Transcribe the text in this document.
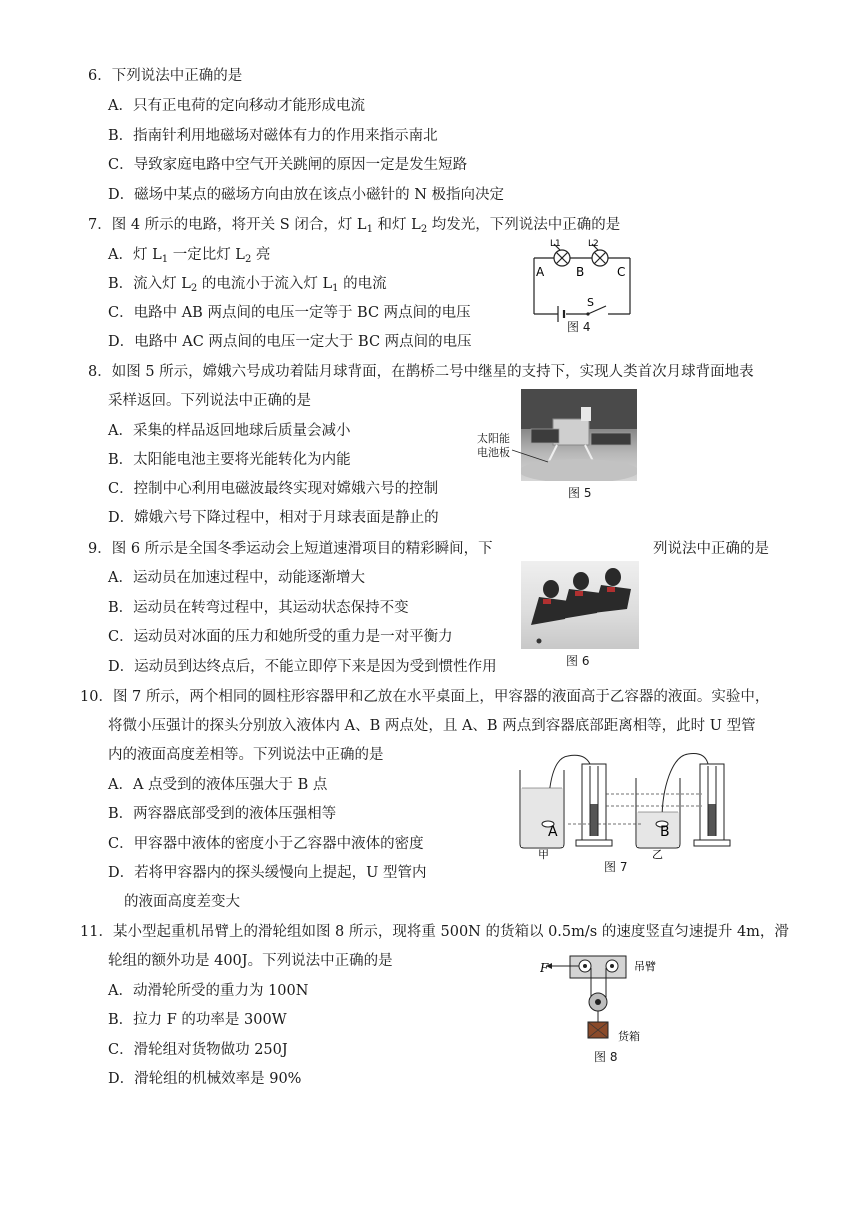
6．下列说法中正确的是
A．只有正电荷的定向移动才能形成电流
B．指南针利用地磁场对磁体有力的作用来指示南北
C．导致家庭电路中空气开关跳闸的原因一定是发生短路
D．磁场中某点的磁场方向由放在该点小磁针的 N 极指向决定
7．图 4 所示的电路，将开关 S 闭合，灯 $L_1$ 和灯 $L_2$ 均发光，下列说法中正确的是
A．灯 $L_1$ 一定比灯 $L_2$ 亮
B．流入灯 $L_2$ 的电流小于流入灯 $L_1$ 的电流
C．电路中 AB 两点间的电压一定等于 BC 两点间的电压
D．电路中 AC 两点间的电压一定大于 BC 两点间的电压
L1	L2
A	B	C
S
图 4
8．如图 5 所示，嫦娥六号成功着陆月球背面，在鹊桥二号中继星的支持下，实现人类首次月球背面地表
采样返回。下列说法中正确的是
A．采集的样品返回地球后质量会减小
B．太阳能电池主要将光能转化为内能
C．控制中心利用电磁波最终实现对嫦娥六号的控制
D．嫦娥六号下降过程中，相对于月球表面是静止的
太阳能
电池板
图 5
9．图 6 所示是全国冬季运动会上短道速滑项目的精彩瞬间，下	列说法中正确的是
A．运动员在加速过程中，动能逐渐增大
B．运动员在转弯过程中，其运动状态保持不变
C．运动员对冰面的压力和她所受的重力是一对平衡力
D．运动员到达终点后，不能立即停下来是因为受到惯性作用	图 6
10．图 7 所示，两个相同的圆柱形容器甲和乙放在水平桌面上，甲容器的液面高于乙容器的液面。实验中，
将微小压强计的探头分别放入液体内 A、B 两点处，且 A、B 两点到容器底部距离相等，此时 U 型管
内的液面高度差相等。下列说法中正确的是
A．A 点受到的液体压强大于 B 点
B．两容器底部受到的液体压强相等
C．甲容器中液体的密度小于乙容器中液体的密度
D．若将甲容器内的探头缓慢向上提起，U 型管内
的液面高度差变大
A	B
甲	乙
图 7
11．某小型起重机吊臂上的滑轮组如图 8 所示，现将重 500N 的货箱以 0.5m/s 的速度竖直匀速提升 4m，滑
轮组的额外功是 400J。下列说法中正确的是
A．动滑轮所受的重力为 100N
B．拉力 F 的功率是 300W
C．滑轮组对货物做功 250J
D．滑轮组的机械效率是 90%
F	吊臂
货箱
图 8
